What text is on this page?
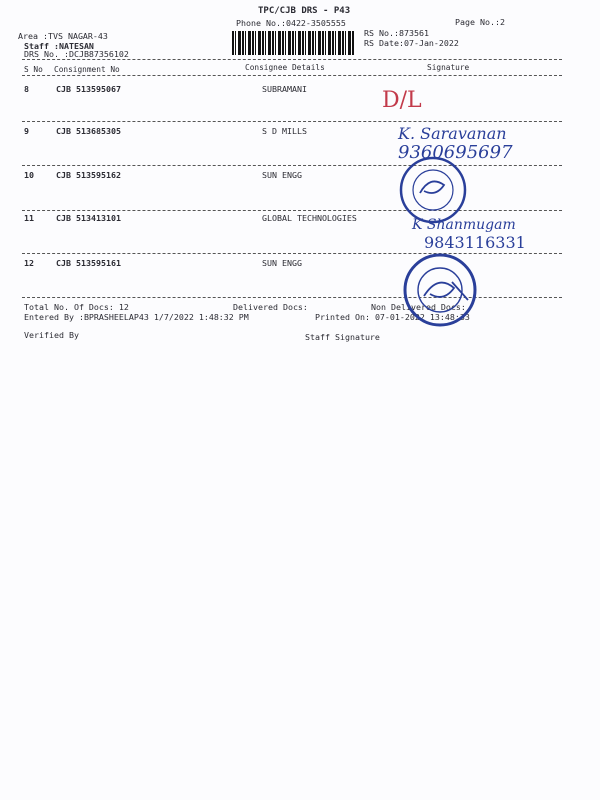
TPC/CJB DRS - P43
Phone No.:0422-3505555	Page No.:2
RS No.:873561
RS Date:07-Jan-2022
Area :TVS NAGAR-43
Staff :NATESAN
DRS No. :DCJB87356102
S No Consignment No	Consignee Details	Signature
8	CJB 513595067	SUBRAMANI
9	CJB 513685305	S D MILLS
10	CJB 513595162	SUN ENGG
11	CJB 513413101	GLOBAL TECHNOLOGIES
12	CJB 513595161	SUN ENGG
Total No. Of Docs: 12	Delivered Docs:	Non Delivered Docs:
Entered By :BPRASHEELAP43 1/7/2022 1:48:32 PM	Printed On: 07-01-2022 13:48:33
Verified By	Staff Signature
D/L
K. Saravanan
9360695697
K Shanmugam
9843116331
